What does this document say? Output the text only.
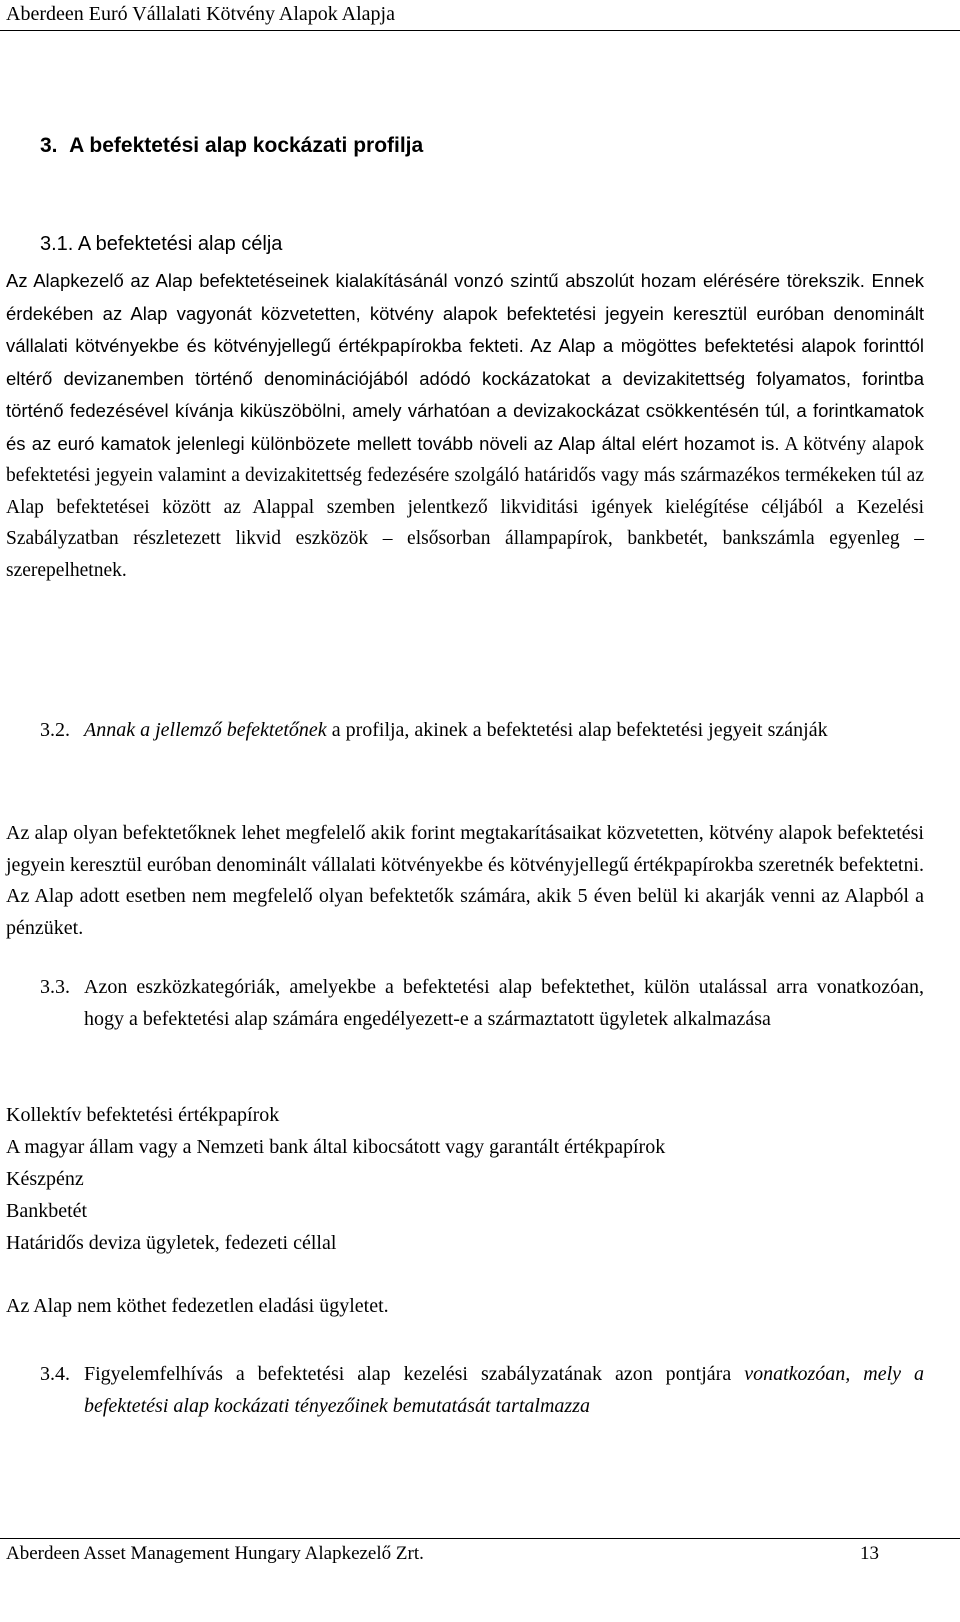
Aberdeen Euró Vállalati Kötvény Alapok Alapja
3.  A befektetési alap kockázati profilja
3.1. A befektetési alap célja

Az Alapkezelő az Alap befektetéseinek kialakításánál vonzó szintű abszolút hozam elérésére törekszik. Ennek érdekében az Alap vagyonát közvetetten, kötvény alapok befektetési jegyein keresztül euróban denominált vállalati kötvényekbe és kötvényjellegű értékpapírokba fekteti. Az Alap a mögöttes befektetési alapok forinttól eltérő devizanemben történő denominációjából adódó kockázatokat a devizakitettség folyamatos, forintba történő fedezésével kívánja kiküszöbölni, amely várhatóan a devizakockázat csökkentésén túl, a forintkamatok és az euró kamatok jelenlegi különbözete mellett tovább növeli az Alap által elért hozamot is. A kötvény alapok befektetési jegyein valamint a devizakitettség fedezésére szolgáló határidős vagy más származékos termékeken túl az Alap befektetései között az Alappal szemben jelentkező likviditási igények kielégítése céljából a Kezelési Szabályzatban részletezett likvid eszközök – elsősorban állampapírok, bankbetét, bankszámla egyenleg – szerepelhetnek.

3.2. Annak a jellemző befektetőnek a profilja, akinek a befektetési alap befektetési jegyeit szánják

Az alap olyan befektetőknek lehet megfelelő akik forint megtakarításaikat közvetetten, kötvény alapok befektetési jegyein keresztül euróban denominált vállalati kötvényekbe és kötvényjellegű értékpapírokba szeretnék befektetni. Az Alap adott esetben nem megfelelő olyan befektetők számára, akik 5 éven belül ki akarják venni az Alapból a pénzüket.

3.3. Azon eszközkategóriák, amelyekbe a befektetési alap befektethet, külön utalással arra vonatkozóan, hogy a befektetési alap számára engedélyezett-e a származtatott ügyletek alkalmazása
Kollektív befektetési értékpapírok
A magyar állam vagy a Nemzeti bank által kibocsátott vagy garantált értékpapírok
Készpénz
Bankbetét
Határidős deviza ügyletek, fedezeti céllal
Az Alap nem köthet fedezetlen eladási ügyletet.
3.4. Figyelemfelhívás a befektetési alap kezelési szabályzatának azon pontjára vonatkozóan, mely a befektetési alap kockázati tényezőinek bemutatását tartalmazza
Aberdeen Asset Management Hungary Alapkezelő Zrt.	13
